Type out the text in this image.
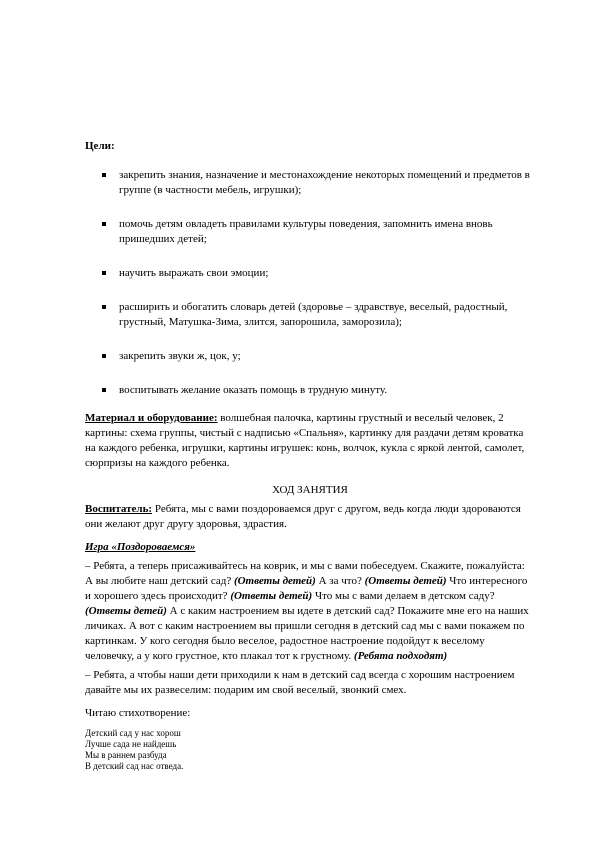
Цели:

закрепить знания, назначение и местонахождение некоторых помещений и предметов в группе (в частности мебель, игрушки);
помочь детям овладеть правилами культуры поведения, запомнить имена вновь пришедших детей;
научить выражать свои эмоции;
расширить и обогатить словарь детей (здоровье – здравствуе, веселый, радостный, грустный, Матушка-Зима, злится, запорошила, заморозила);
закрепить звуки ж, цок, у;
воспитывать желание оказать помощь в трудную минуту.

Материал и оборудование: волшебная палочка, картины грустный и веселый человек, 2 картины: схема группы, чистый с надписью «Спальня», картинку для раздачи детям кроватка на каждого ребенка, игрушки, картины игрушек: конь, волчок, кукла с яркой лентой, самолет, сюрпризы на каждого ребенка.

ХОД ЗАНЯТИЯ

Воспитатель: Ребята, мы с вами поздороваемся друг с другом, ведь когда люди здороваются они желают друг другу здоровья, здрастия.

Игра «Поздороваемся»

– Ребята, а теперь присаживайтесь на коврик, и мы с вами побеседуем. Скажите, пожалуйста: А вы любите наш детский сад? (Ответы детей) А за что? (Ответы детей) Что интересного и хорошего здесь происходит? (Ответы детей) Что мы с вами делаем в детском саду? (Ответы детей) А с каким настроением вы идете в детский сад? Покажите мне его на наших личиках. А вот с каким настроением вы пришли сегодня в детский сад мы с вами покажем по картинкам. У кого сегодня было веселое, радостное настроение подойдут к веселому человечку, а у кого грустное, кто плакал тот к грустному. (Ребята подходят)

– Ребята, а чтобы наши дети приходили к нам в детский сад всегда с хорошим настроением давайте мы их развеселим: подарим им свой веселый, звонкий смех.

Читаю стихотворение:

Детский сад у нас хорош

Лучше сада не найдешь

Мы в раннем разбуда

В детский сад нас отведа.
